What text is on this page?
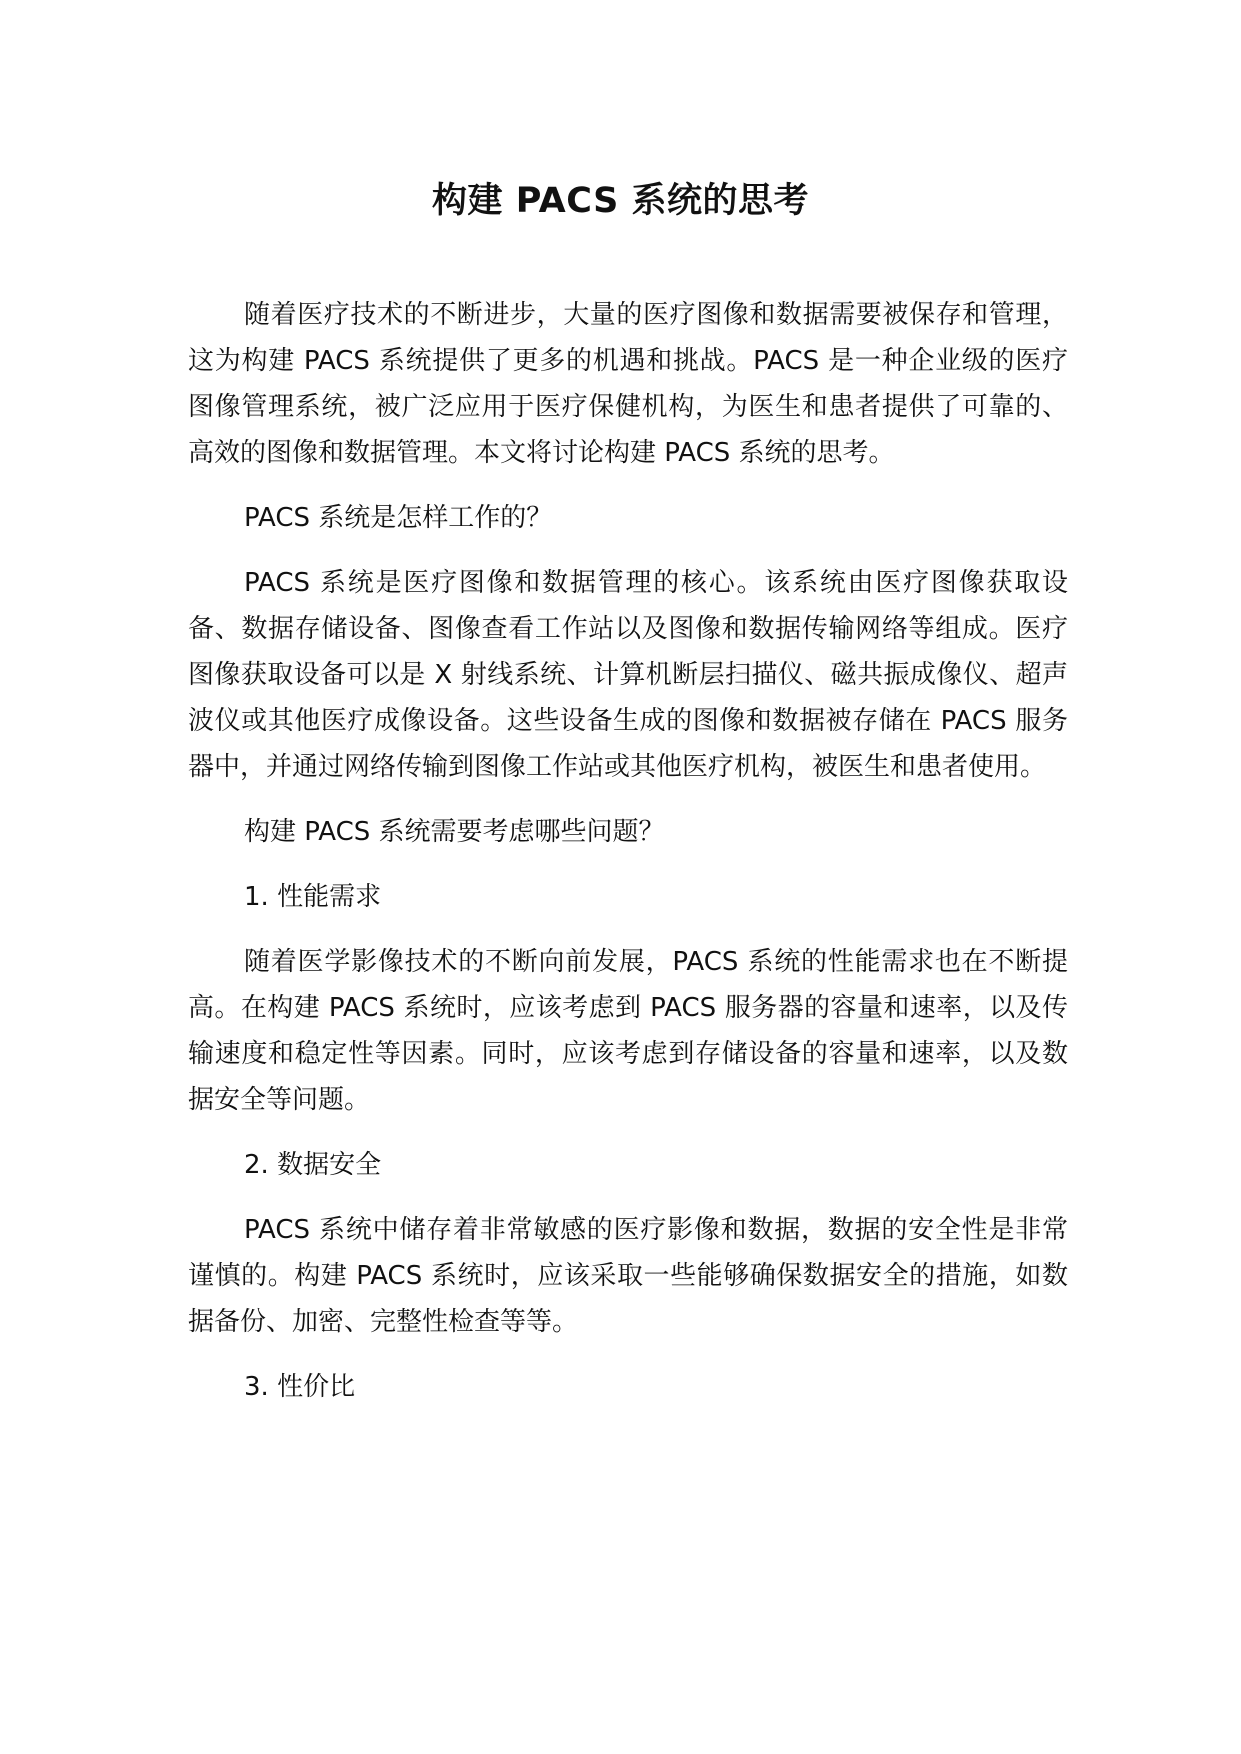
构建 PACS 系统的思考

随着医疗技术的不断进步，大量的医疗图像和数据需要被保存和管理，这为构建 PACS 系统提供了更多的机遇和挑战。PACS 是一种企业级的医疗图像管理系统，被广泛应用于医疗保健机构，为医生和患者提供了可靠的、高效的图像和数据管理。本文将讨论构建 PACS 系统的思考。

PACS 系统是怎样工作的？

PACS 系统是医疗图像和数据管理的核心。该系统由医疗图像获取设备、数据存储设备、图像查看工作站以及图像和数据传输网络等组成。医疗图像获取设备可以是 X 射线系统、计算机断层扫描仪、磁共振成像仪、超声波仪或其他医疗成像设备。这些设备生成的图像和数据被存储在 PACS 服务器中，并通过网络传输到图像工作站或其他医疗机构，被医生和患者使用。

构建 PACS 系统需要考虑哪些问题？

1. 性能需求

随着医学影像技术的不断向前发展，PACS 系统的性能需求也在不断提高。在构建 PACS 系统时，应该考虑到 PACS 服务器的容量和速率，以及传输速度和稳定性等因素。同时，应该考虑到存储设备的容量和速率，以及数据安全等问题。

2. 数据安全

PACS 系统中储存着非常敏感的医疗影像和数据，数据的安全性是非常谨慎的。构建 PACS 系统时，应该采取一些能够确保数据安全的措施，如数据备份、加密、完整性检查等等。

3. 性价比
